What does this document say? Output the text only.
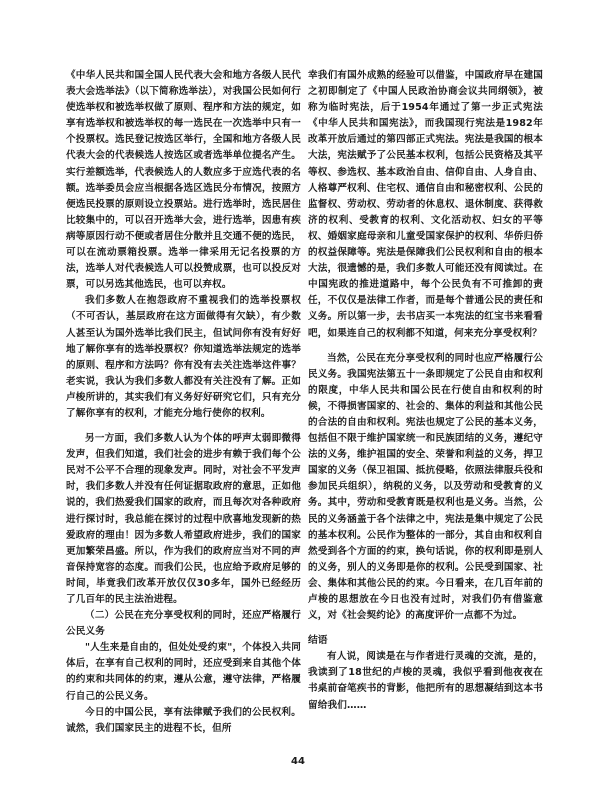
《中华人民共和国全国人民代表大会和地方各级人民代表大会选举法》（以下简称选举法），对我国公民如何行使选举权和被选举权做了原则、程序和方法的规定，如享有选举权和被选举权的每一选民在一次选举中只有一个投票权。选民登记按选区举行，全国和地方各级人民代表大会的代表候选人按选区或者选举单位提名产生。实行差额选举，代表候选人的人数应多于应选代表的名额。选举委员会应当根据各选区选民分布情况，按照方便选民投票的原则设立投票站。进行选举时，选民居住比较集中的，可以召开选举大会，进行选举，因患有疾病等原因行动不便或者居住分散并且交通不便的选民，可以在流动票箱投票。选举一律采用无记名投票的方法，选举人对代表候选人可以投赞成票，也可以投反对票，可以另选其他选民，也可以弃权。

我们多数人在抱怨政府不重视我们的选举投票权（不可否认，基层政府在这方面做得有欠缺），有少数人甚至认为国外选举比我们民主，但试问你有没有好好地了解你享有的选举投票权？你知道选举法规定的选举的原则、程序和方法吗？你有没有去关注选举这件事？老实说，我认为我们多数人都没有关注没有了解。正如卢梭所讲的，其实我们有义务好好研究它们，只有充分了解你享有的权利，才能充分地行使你的权利。

另一方面，我们多数人认为个体的呼声太弱即微得发声，但我们知道，我们社会的进步有赖于我们每个公民对不公平不合理的现象发声。同时，对社会不平发声时，我们多数人并没有任何证据取政府的意思，正如他说的，我们热爱我们国家的政府，而且每次对各种政府进行探讨时，我总能在探讨的过程中欣喜地发现新的热爱政府的理由！因为多数人希望政府进步，我们的国家更加繁荣昌盛。所以，作为我们的政府应当对不同的声音保持宽容的态度。而我们公民，也应给予政府足够的时间，毕竟我们改革开放仅仅30多年，国外已经经历了几百年的民主法治进程。

（二）公民在充分享受权利的同时，还应严格履行公民义务

"人生来是自由的，但处处受约束"，个体投入共同体后，在享有自己权利的同时，还应受到来自其他个体的约束和共同体的约束，遵从公意，遵守法律，严格履行自己的公民义务。

今日的中国公民，享有法律赋予我们的公民权利。诚然，我们国家民主的进程不长，但所

幸我们有国外成熟的经验可以借鉴，中国政府早在建国之初即制定了《中国人民政治协商会议共同纲领》，被称为临时宪法，后于1954年通过了第一步正式宪法《中华人民共和国宪法》，而我国现行宪法是1982年改革开放后通过的第四部正式宪法。宪法是我国的根本大法，宪法赋予了公民基本权利，包括公民资格及其平等权、参选权、基本政治自由、信仰自由、人身自由、人格尊严权利、住宅权、通信自由和秘密权利、公民的监督权、劳动权、劳动者的休息权、退休制度、获得救济的权利、受教育的权利、文化活动权、妇女的平等权、婚姻家庭母亲和儿童受国家保护的权利、华侨归侨的权益保障等。宪法是保障我们公民权利和自由的根本大法，很遗憾的是，我们多数人可能还没有阅读过。在中国宪政的推进道路中，每个公民负有不可推卸的责任，不仅仅是法律工作者，而是每个普通公民的责任和义务。所以第一步，去书店买一本宪法的红宝书来看看吧，如果连自己的权利都不知道，何来充分享受权利？

当然，公民在充分享受权利的同时也应严格履行公民义务。我国宪法第五十一条即规定了公民自由和权利的限度，中华人民共和国公民在行使自由和权利的时候，不得损害国家的、社会的、集体的利益和其他公民的合法的自由和权利。宪法也规定了公民的基本义务，包括但不限于维护国家统一和民族团结的义务，遵纪守法的义务，维护祖国的安全、荣誉和利益的义务，捍卫国家的义务（保卫祖国、抵抗侵略，依照法律服兵役和参加民兵组织），纳税的义务，以及劳动和受教育的义务。其中，劳动和受教育既是权利也是义务。当然，公民的义务涵盖于各个法律之中，宪法是集中规定了公民的基本权利。公民作为整体的一部分，其自由和权利自然受到各个方面的约束，换句话说，你的权利即是别人的义务，别人的义务即是你的权利。公民受到国家、社会、集体和其他公民的约束。今日看来，在几百年前的卢梭的思想放在今日也没有过时，对我们仍有借鉴意义，对《社会契约论》的高度评价一点都不为过。

结语

有人说，阅读是在与作者进行灵魂的交流，是的，我读到了18世纪的卢梭的灵魂，我似乎看到他夜夜在书桌前奋笔疾书的背影，他把所有的思想凝结到这本书留给我们……

44
